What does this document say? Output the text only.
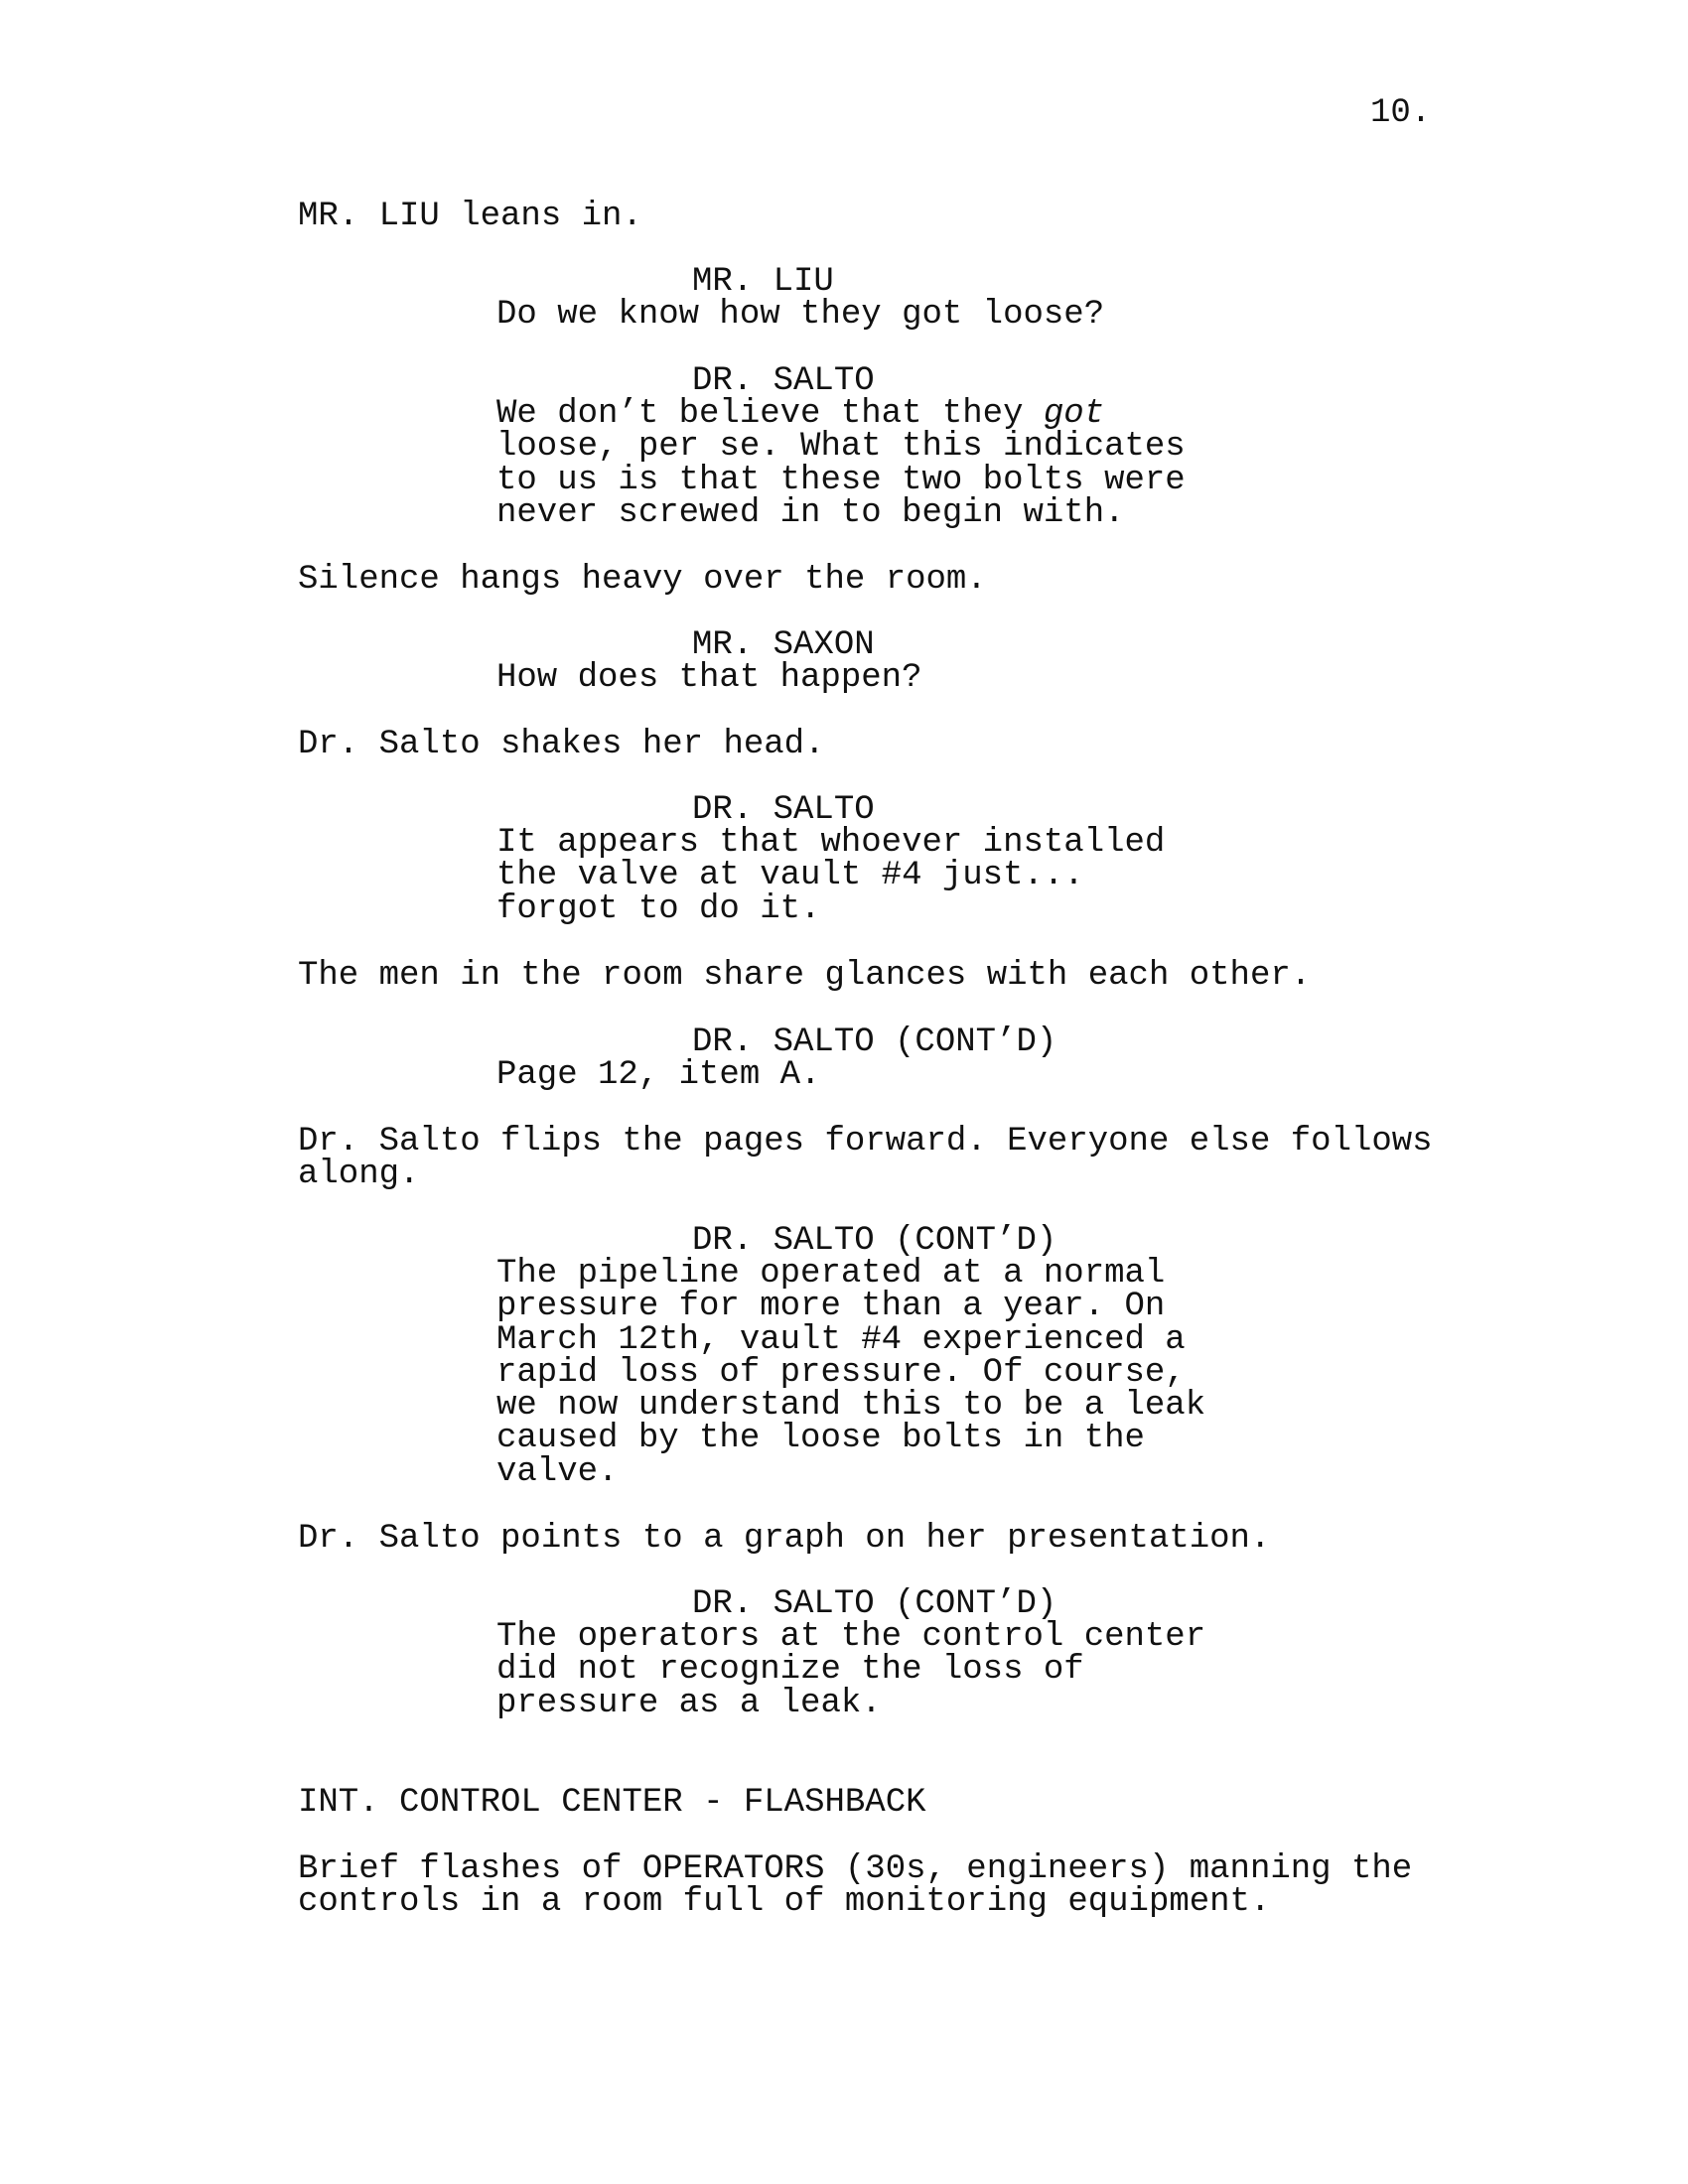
10.
MR. LIU leans in.
MR. LIU
Do we know how they got loose?
DR. SALTO
We don’t believe that they got
loose, per se. What this indicates
to us is that these two bolts were
never screwed in to begin with.
Silence hangs heavy over the room.
MR. SAXON
How does that happen?
Dr. Salto shakes her head.
DR. SALTO
It appears that whoever installed
the valve at vault #4 just...
forgot to do it.
The men in the room share glances with each other.
DR. SALTO (CONT’D)
Page 12, item A.
Dr. Salto flips the pages forward. Everyone else follows
along.
DR. SALTO (CONT’D)
The pipeline operated at a normal
pressure for more than a year. On
March 12th, vault #4 experienced a
rapid loss of pressure. Of course,
we now understand this to be a leak
caused by the loose bolts in the
valve.
Dr. Salto points to a graph on her presentation.
DR. SALTO (CONT’D)
The operators at the control center
did not recognize the loss of
pressure as a leak.
INT. CONTROL CENTER - FLASHBACK
Brief flashes of OPERATORS (30s, engineers) manning the
controls in a room full of monitoring equipment.
